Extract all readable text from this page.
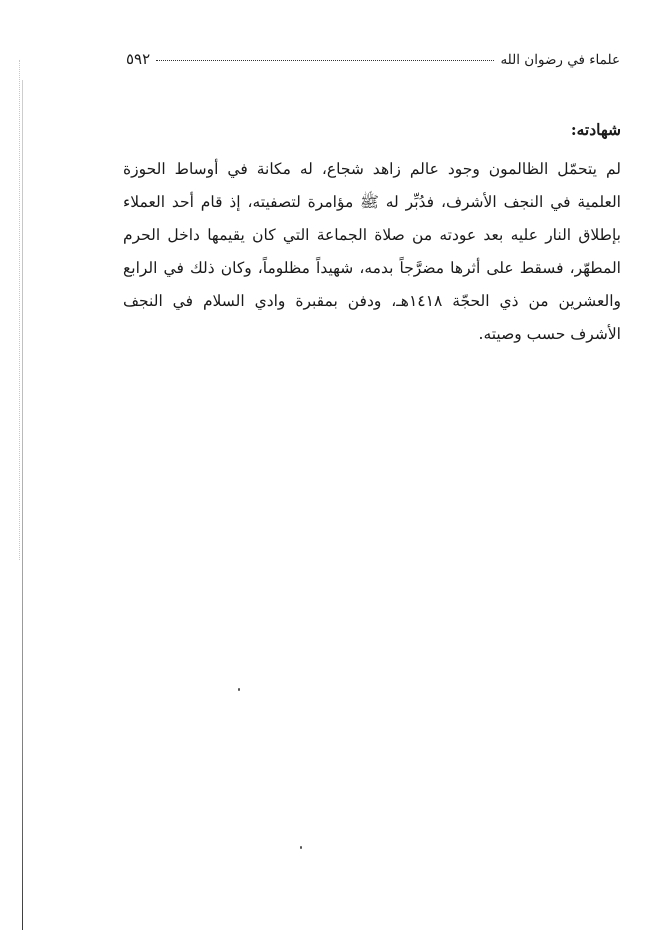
علماء في رضوان الله
٥٩٢
شهادته:

لم يتحمّل الظالمون وجود عالم زاهد شجاع، له مكانة في أوساط الحوزة العلمية في النجف الأشرف، فدُبِّر له ﷺ مؤامرة لتصفيته، إذ قام أحد العملاء بإطلاق النار عليه بعد عودته من صلاة الجماعة التي كان يقيمها داخل الحرم المطهّر، فسقط على أثرها مضرَّجاً بدمه، شهيداً مظلوماً، وكان ذلك في الرابع والعشرين من ذي الحجّة ١٤١٨هـ، ودفن بمقبرة وادي السلام في النجف الأشرف حسب وصيته.
